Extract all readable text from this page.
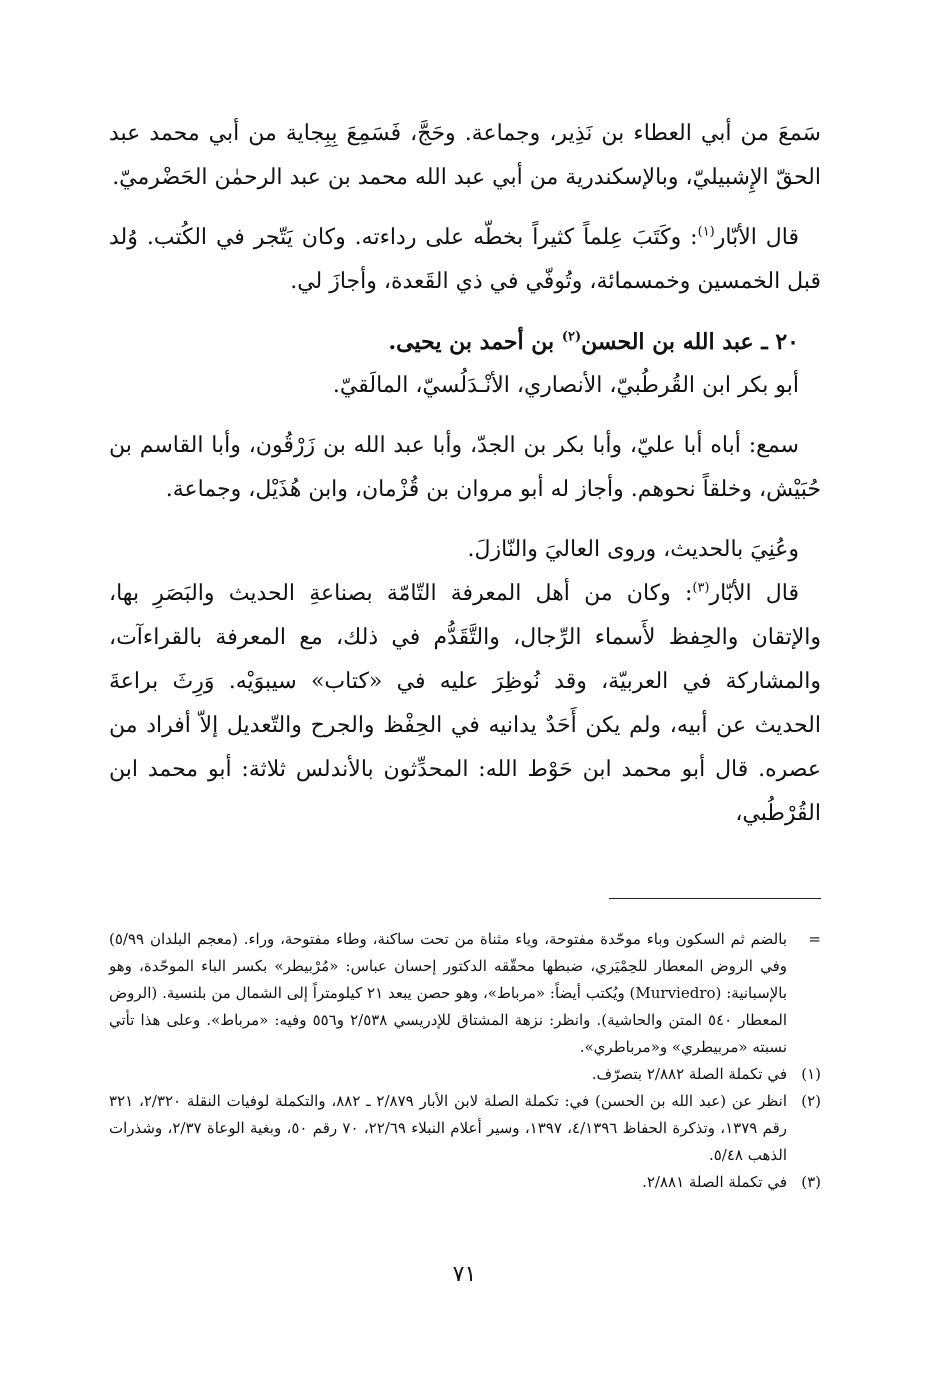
سَمعَ من أبي العطاء بن نَذِير، وجماعة. وحَجَّ، فَسَمِعَ بِبِجاية من أبي محمد عبد الحقّ الإِشبيليّ، وبالإسكندرية من أبي عبد الله محمد بن عبد الرحمٰن الحَضْرميّ.

قال الأبّار$^{(١)}$: وكَتَبَ عِلماً كثيراً بخطّه على رداءته. وكان يَتّجر في الكُتب. وُلد قبل الخمسين وخمسمائة، وتُوفّي في ذي القَعدة، وأجازَ لي.

٢٠ ـ عبد الله بن الحسن$^{(٢)}$ بن أحمد بن يحيى.

أبو بكر ابن القُرطُبيّ، الأنصاري، الأنْـدَلُسيّ، المالَقيّ.

سمع: أباه أبا عليّ، وأبا بكر بن الجدّ، وأبا عبد الله بن زَرْقُون، وأبا القاسم بن حُبَيْش، وخلقاً نحوهم. وأجاز له أبو مروان بن قُزْمان، وابن هُذَيْل، وجماعة.

وعُنِيَ بالحديث، وروى العاليَ والنّازلَ.

قال الأبّار$^{(٣)}$: وكان من أهل المعرفة التّامّة بصناعةِ الحديث والبَصَرِ بها، والإتقان والحِفظ لأَسماء الرِّجال، والتَّقَدُّم في ذلك، مع المعرفة بالقراءآت، والمشاركة في العربيّة، وقد نُوظِرَ عليه في «كتاب» سيبوَيْه. وَرِثَ براعةَ الحديث عن أبيه، ولم يكن أَحَدٌ يدانيه في الحِفْظ والجرح والتّعديل إلاّ أفراد من عصره. قال أبو محمد ابن حَوْط الله: المحدِّثون بالأندلس ثلاثة: أبو محمد ابن القُرْطُبي،

=
بالضم ثم السكون وباء موحّدة مفتوحة، وياء مثناة من تحت ساكنة، وطاء مفتوحة، وراء. (معجم البلدان ٥/٩٩) وفي الروض المعطار للحِمْيَري، ضبطها محقّقه الدكتور إحسان عباس: «مُرْبيطر» بكسر الباء الموحّدة، وهو بالإسبانية: (Murviedro) ويُكتب أيضاً: «مرباط»، وهو حصن يبعد ٢١ كيلومتراً إلى الشمال من بلنسية. (الروض المعطار ٥٤٠ المتن والحاشية). وانظر: نزهة المشتاق للإدريسي ٢/٥٣٨ و٥٥٦ وفيه: «مرباط». وعلى هذا تأتي نسبته «مربيطري» و«مرباطري».
(١)
في تكملة الصلة ٢/٨٨٢ بتصرّف.
(٢)
انظر عن (عبد الله بن الحسن) في: تكملة الصلة لابن الأبار ٢/٨٧٩ ـ ٨٨٢، والتكملة لوفيات النقلة ٢/٣٢٠، ٣٢١ رقم ١٣٧٩، وتذكرة الحفاظ ٤/١٣٩٦، ١٣٩٧، وسير أعلام النبلاء ٢٢/٦٩، ٧٠ رقم ٥٠، وبغية الوعاة ٢/٣٧، وشذرات الذهب ٥/٤٨.
(٣)
في تكملة الصلة ٢/٨٨١.
٧١
